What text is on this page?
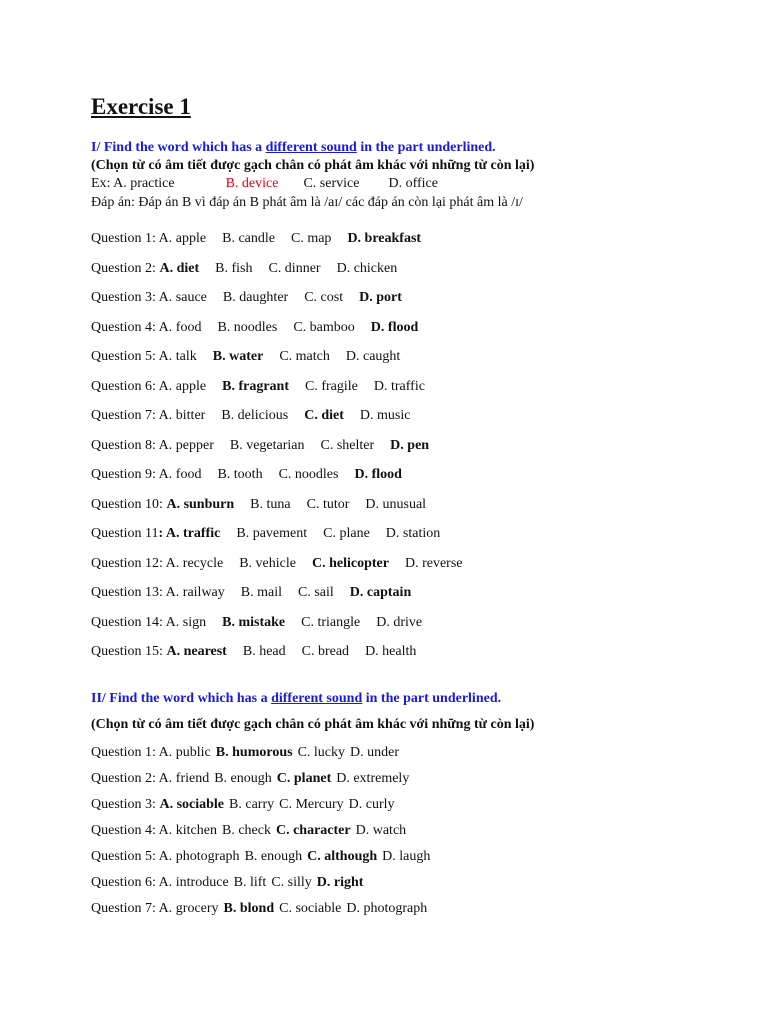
Exercise 1
I/ Find the word which has a different sound in the part underlined.
(Chọn từ có âm tiết được gạch chân có phát âm khác với những từ còn lại)
Ex: A. practice	B. device C. service D. office
Đáp án: Đáp án B vì đáp án B phát âm là /aɪ/ các đáp án còn lại phát âm là /ɪ/
Question 1: A. apple B. candle C. map D. breakfast
Question 2: A. diet B. fish C. dinner D. chicken
Question 3: A. sauce B. daughter C. cost D. port
Question 4: A. food B. noodles C. bamboo D. flood
Question 5: A. talk B. water C. match D. caught
Question 6: A. apple B. fragrant C. fragile D. traffic
Question 7: A. bitter B. delicious C. diet D. music
Question 8: A. pepper B. vegetarian C. shelter D. pen
Question 9: A. food B. tooth C. noodles D. flood
Question 10: A. sunburn B. tuna C. tutor D. unusual
Question 11: A. traffic B. pavement C. plane D. station
Question 12: A. recycle B. vehicle C. helicopter D. reverse
Question 13: A. railway B. mail C. sail D. captain
Question 14: A. sign B. mistake C. triangle D. drive
Question 15: A. nearest B. head C. bread D. health
II/ Find the word which has a different sound in the part underlined.
(Chọn từ có âm tiết được gạch chân có phát âm khác với những từ còn lại)
Question 1: A. public B. humorous C. lucky D. under
Question 2: A. friend B. enough C. planet D. extremely
Question 3: A. sociable B. carry C. Mercury D. curly
Question 4: A. kitchen B. check C. character D. watch
Question 5: A. photograph B. enough C. although D. laugh
Question 6: A. introduce B. lift C. silly D. right
Question 7: A. grocery B. blond C. sociable D. photograph
